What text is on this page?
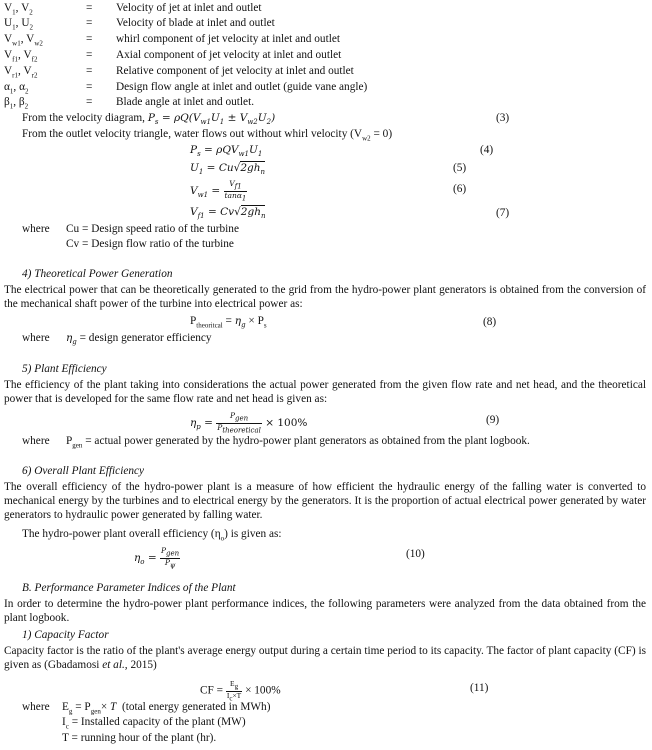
$V_1$, $V_2$	= Velocity of jet at inlet and outlet
$U_1$, $U_2$	= Velocity of blade at inlet and outlet
$V_{w1}$, $V_{w2}$	= whirl component of jet velocity at inlet and outlet
$V_{f1}$, $V_{f2}$	= Axial component of jet velocity at inlet and outlet
$V_{r1}$, $V_{r2}$	= Relative component of jet velocity at inlet and outlet
$\alpha_1$, $\alpha_2$	= Design flow angle at inlet and outlet (guide vane angle)
$\beta_1$, $\beta_2$	= Blade angle at inlet and outlet.
From the velocity diagram, $P_s = \rho Q(V_{w1}U_1 \pm V_{w2}U_2)$	(3)
From the outlet velocity triangle, water flows out without whirl velocity $(V_{w2} = 0)$
$P_s = \rho QV_{w1}U_1$	(4)
$U_1 = Cu√2gh_n$	(5)
$V_{w1} = \frac{V_{f1}}{\tan\alpha_1}$	(6)
$V_{f1} = Cv√2gh_n$	(7)
where Cu = Design speed ratio of the turbine
Cv = Design flow ratio of the turbine
4) Theoretical Power Generation
The electrical power that can be theoretically generated to the grid from the hydro-power plant generators is obtained from the conversion of the mechanical shaft power of the turbine into electrical power as:
$P_{theoritcal} = \eta_g \times P_s$	(8)
where $\eta_g$ = design generator efficiency
5) Plant Efficiency
The efficiency of the plant taking into considerations the actual power generated from the given flow rate and net head, and the theoretical power that is developed for the same flow rate and net head is given as:
$\eta_p = \frac{P_{gen}}{P_{theoretical}} \times 100\%$	(9)
where $P_{gen}$ = actual power generated by the hydro-power plant generators as obtained from the plant logbook.
6) Overall Plant Efficiency
The overall efficiency of the hydro-power plant is a measure of how efficient the hydraulic energy of the falling water is converted to mechanical energy by the turbines and to electrical energy by the generators. It is the proportion of actual electrical power generated by water generators to hydraulic power generated by falling water.
The hydro-power plant overall efficiency $(\eta_o)$ is given as:
$\eta_o = \frac{P_{gen}}{P_\psi}$	(10)
B. Performance Parameter Indices of the Plant
In order to determine the hydro-power plant performance indices, the following parameters were analyzed from the data obtained from the plant logbook.
1) Capacity Factor
Capacity factor is the ratio of the plant's average energy output during a certain time period to its capacity. The factor of plant capacity (CF) is given as (Gbadamosi et al., 2015)
CF = $\frac{E_g}{I_c\times T} \times 100\%$	(11)
where $E_g = P_{gen}\times T$ (total energy generated in MWh)
$I_c$ = Installed capacity of the plant (MW)
T = running hour of the plant (hr).
